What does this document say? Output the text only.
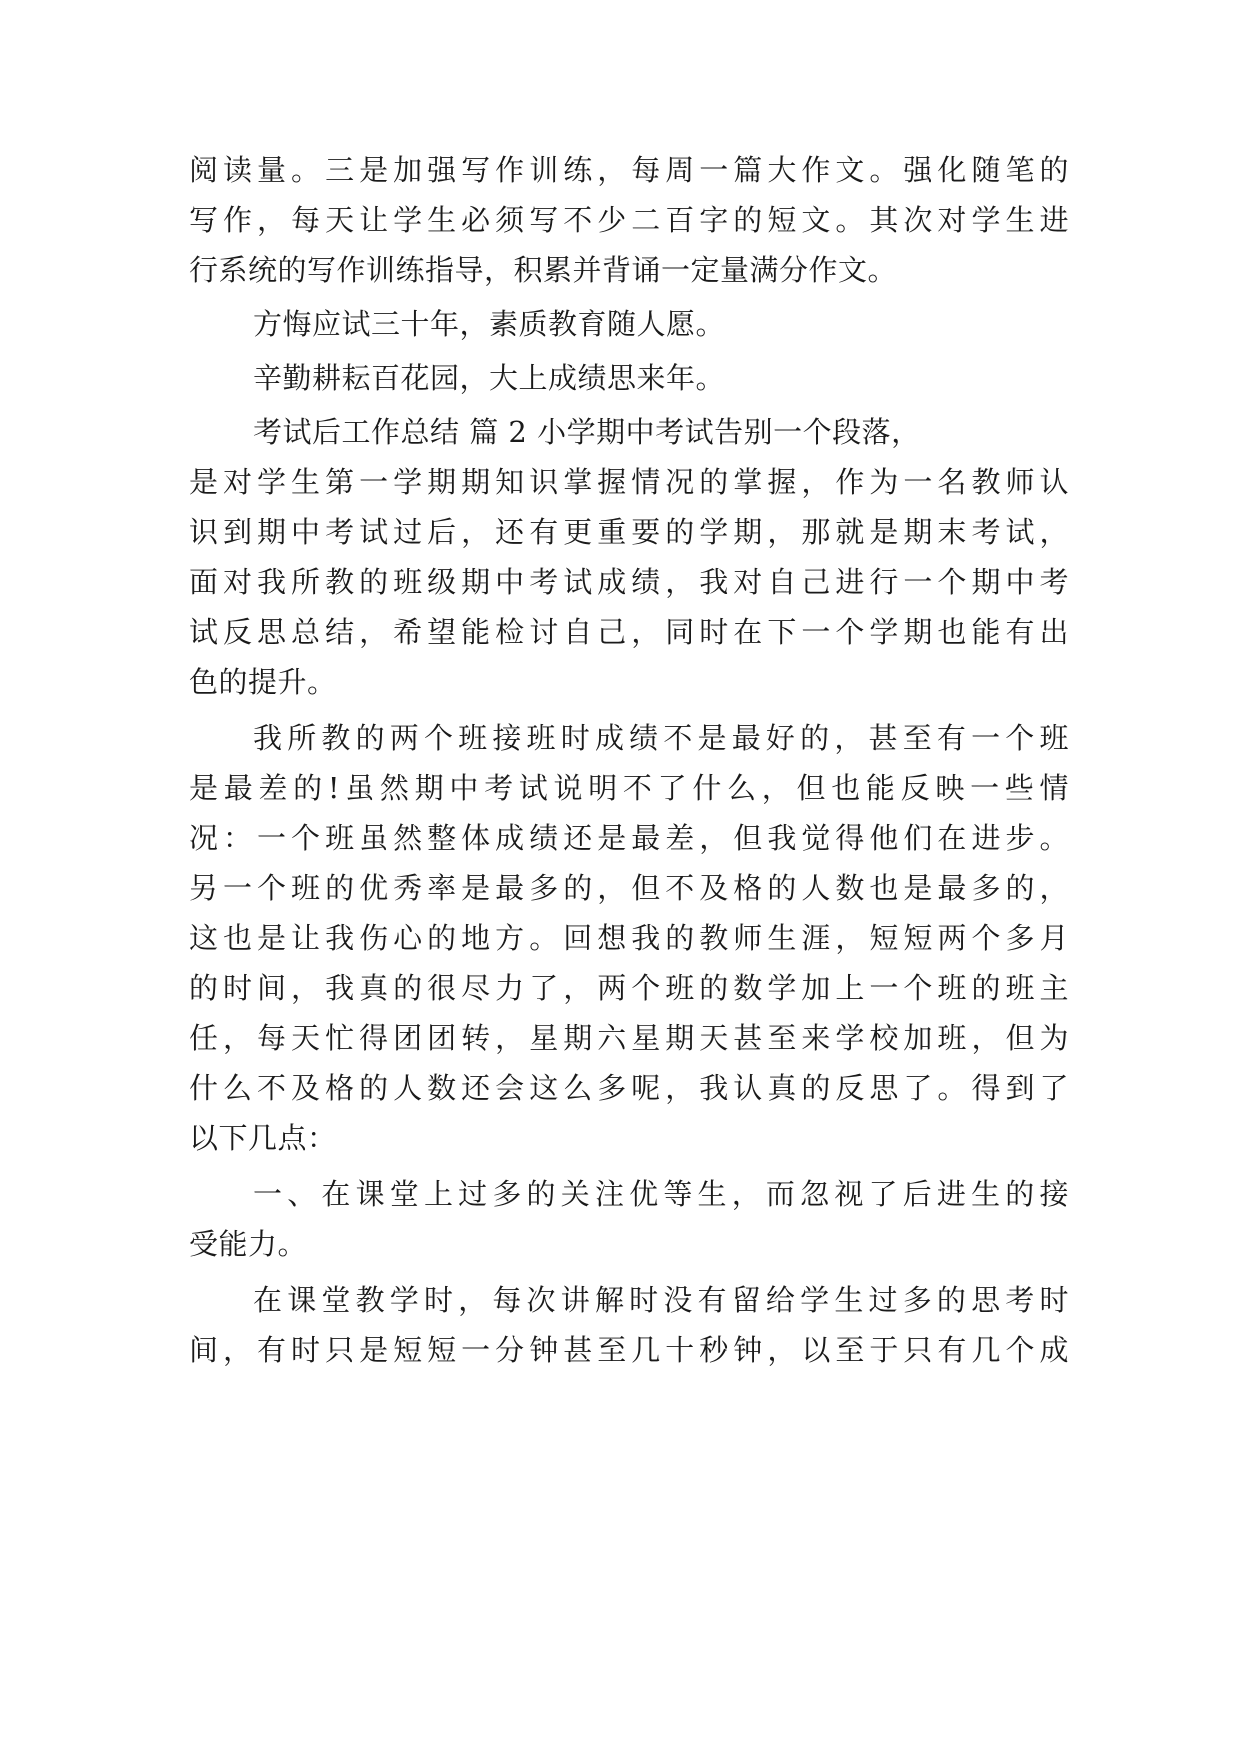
阅读量。三是加强写作训练，每周一篇大作文。强化随笔的
写作，每天让学生必须写不少二百字的短文。其次对学生进
行系统的写作训练指导，积累并背诵一定量满分作文。
方悔应试三十年，素质教育随人愿。
辛勤耕耘百花园，大上成绩思来年。
考试后工作总结 篇 2 小学期中考试告别一个段落，
是对学生第一学期期知识掌握情况的掌握，作为一名教师认
识到期中考试过后，还有更重要的学期，那就是期末考试，
面对我所教的班级期中考试成绩，我对自己进行一个期中考
试反思总结，希望能检讨自己，同时在下一个学期也能有出
色的提升。
我所教的两个班接班时成绩不是最好的，甚至有一个班
是最差的!虽然期中考试说明不了什么，但也能反映一些情
况：一个班虽然整体成绩还是最差，但我觉得他们在进步。
另一个班的优秀率是最多的，但不及格的人数也是最多的，
这也是让我伤心的地方。回想我的教师生涯，短短两个多月
的时间，我真的很尽力了，两个班的数学加上一个班的班主
任，每天忙得团团转，星期六星期天甚至来学校加班，但为
什么不及格的人数还会这么多呢，我认真的反思了。得到了
以下几点：
一、在课堂上过多的关注优等生，而忽视了后进生的接
受能力。
在课堂教学时，每次讲解时没有留给学生过多的思考时
间，有时只是短短一分钟甚至几十秒钟，以至于只有几个成
